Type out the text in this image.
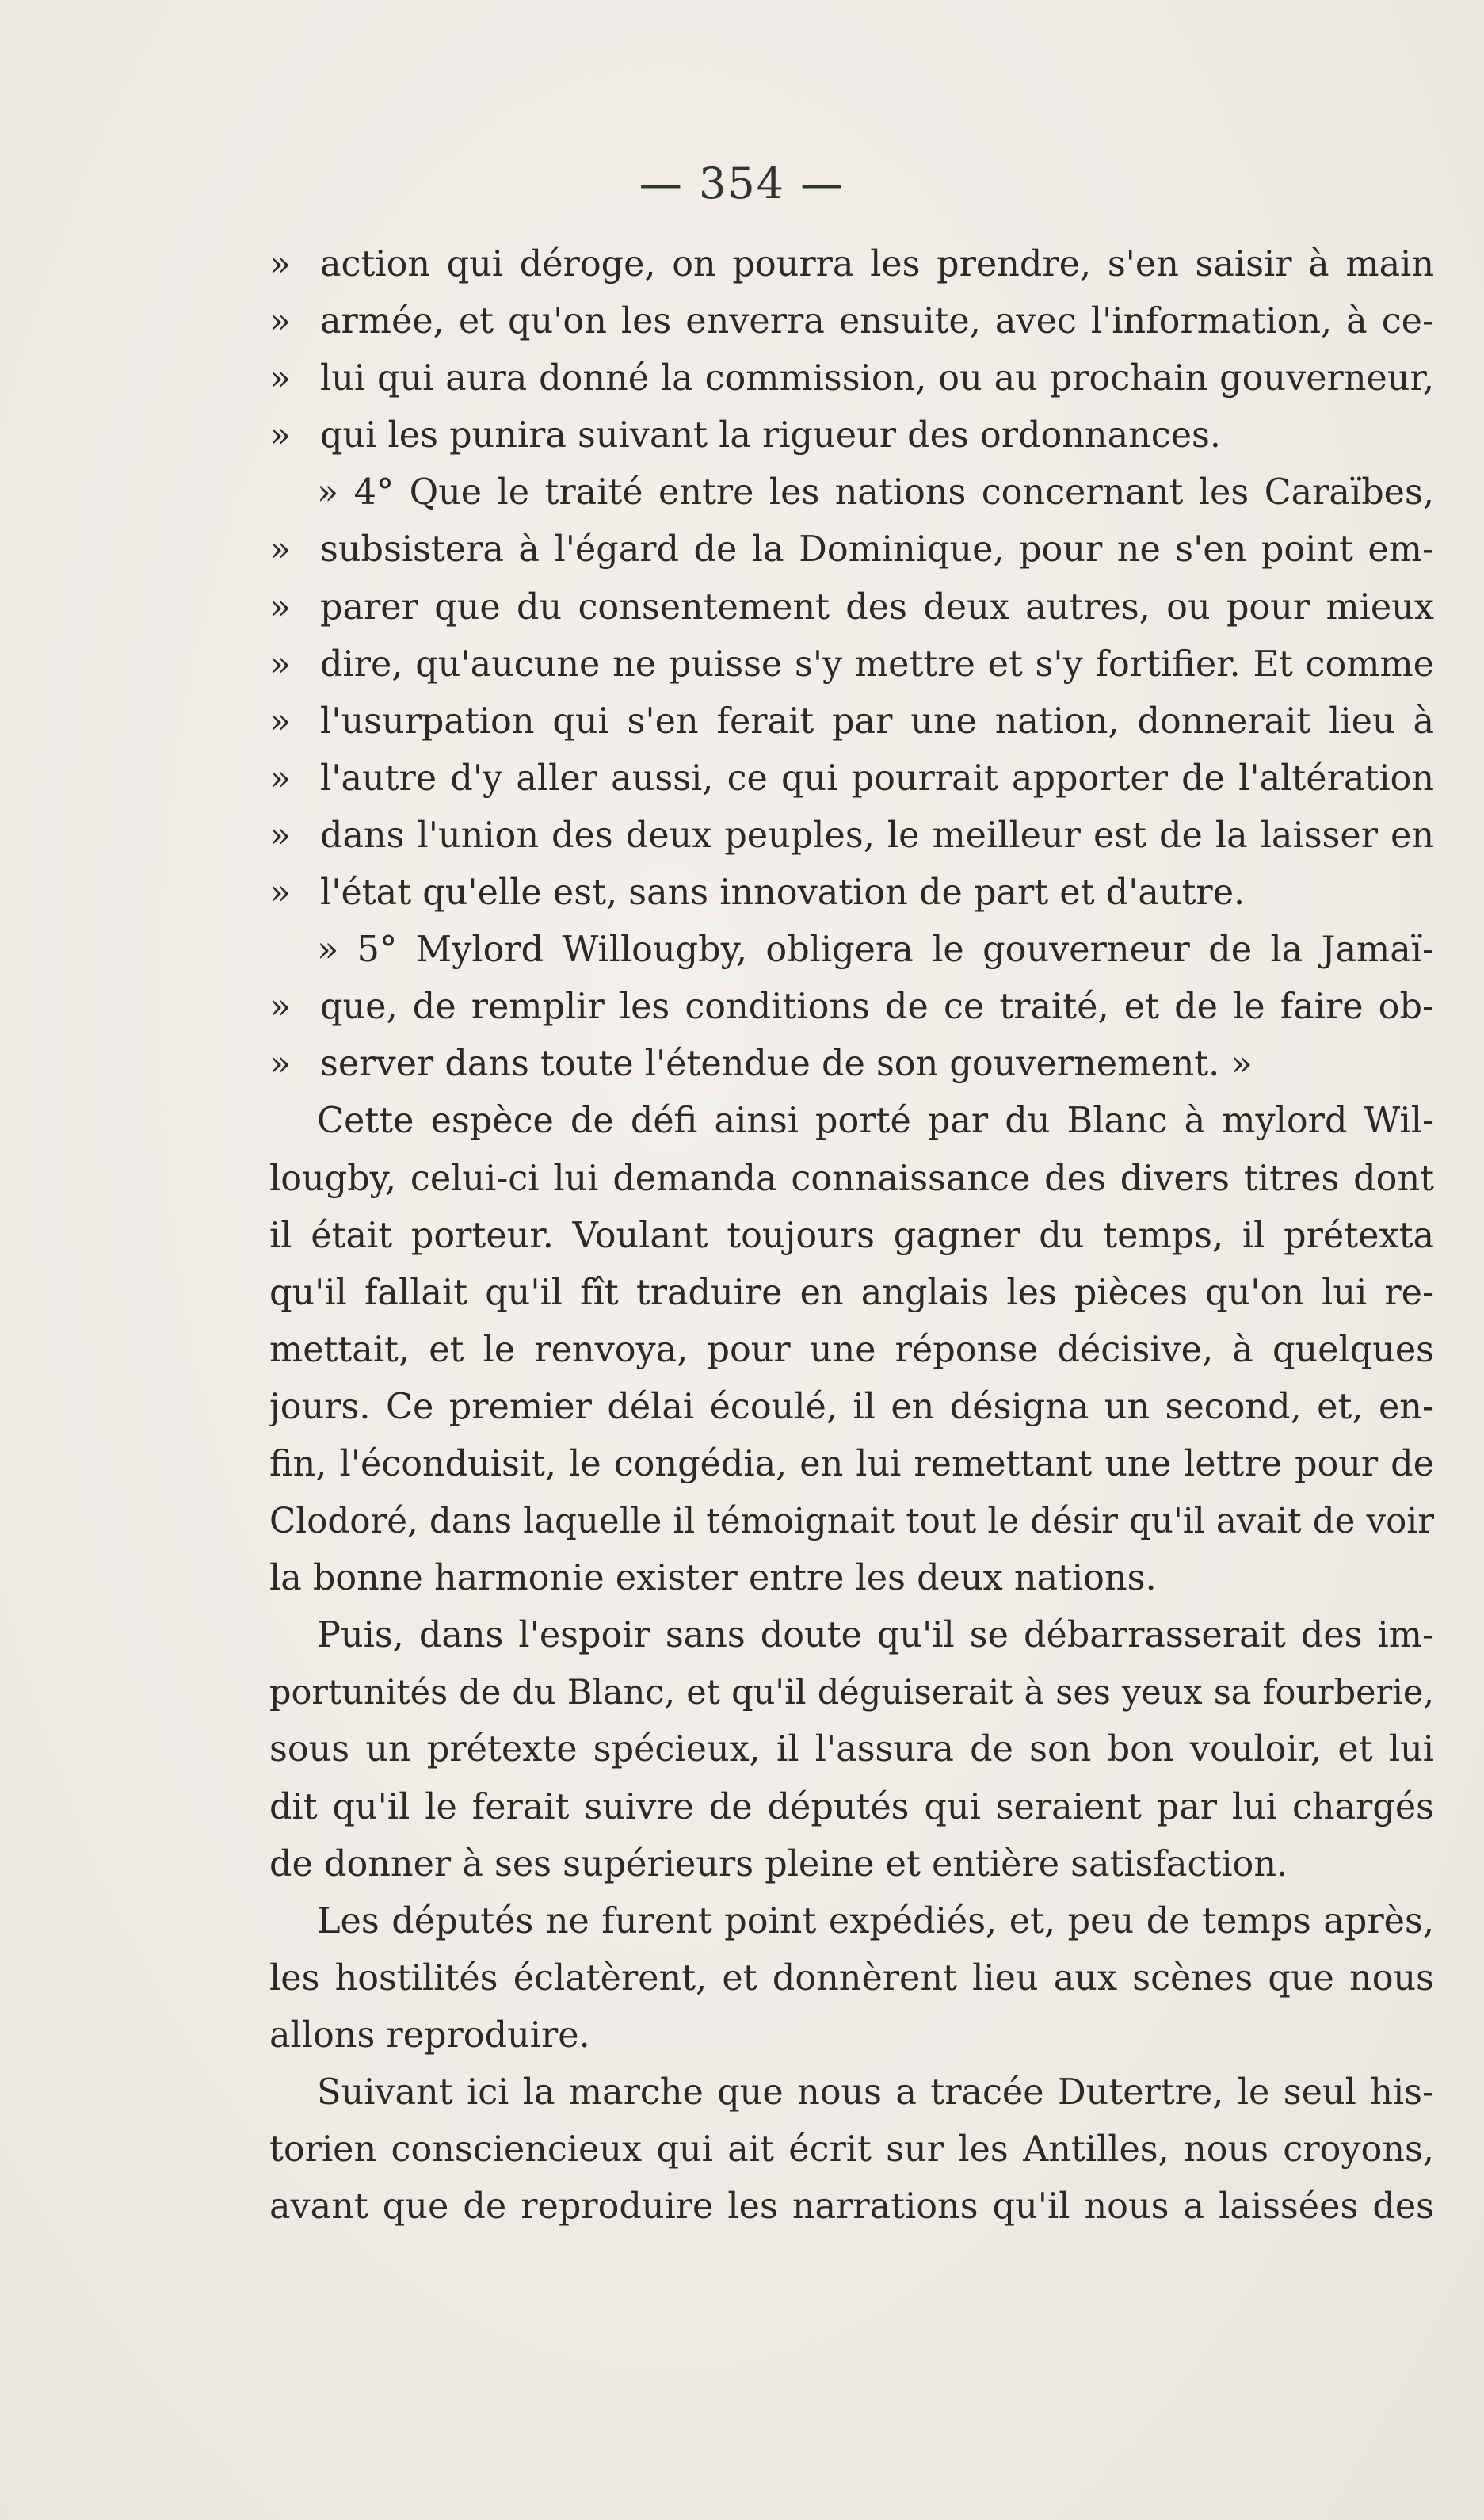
— 354 —
» action qui déroge, on pourra les prendre, s'en saisir à main
» armée, et qu'on les enverra ensuite, avec l'information, à ce-
» lui qui aura donné la commission, ou au prochain gouverneur,
» qui les punira suivant la rigueur des ordonnances.
» 4° Que le traité entre les nations concernant les Caraïbes,
» subsistera à l'égard de la Dominique, pour ne s'en point em-
» parer que du consentement des deux autres, ou pour mieux
» dire, qu'aucune ne puisse s'y mettre et s'y fortifier. Et comme
» l'usurpation qui s'en ferait par une nation, donnerait lieu à
» l'autre d'y aller aussi, ce qui pourrait apporter de l'altération
» dans l'union des deux peuples, le meilleur est de la laisser en
» l'état qu'elle est, sans innovation de part et d'autre.
» 5° Mylord Willougby, obligera le gouverneur de la Jamaï-
» que, de remplir les conditions de ce traité, et de le faire ob-
» server dans toute l'étendue de son gouvernement. »
Cette espèce de défi ainsi porté par du Blanc à mylord Wil-
lougby, celui-ci lui demanda connaissance des divers titres dont
il était porteur. Voulant toujours gagner du temps, il prétexta
qu'il fallait qu'il fît traduire en anglais les pièces qu'on lui re-
mettait, et le renvoya, pour une réponse décisive, à quelques
jours. Ce premier délai écoulé, il en désigna un second, et, en-
fin, l'éconduisit, le congédia, en lui remettant une lettre pour de
Clodoré, dans laquelle il témoignait tout le désir qu'il avait de voir
la bonne harmonie exister entre les deux nations.
Puis, dans l'espoir sans doute qu'il se débarrasserait des im-
portunités de du Blanc, et qu'il déguiserait à ses yeux sa fourberie,
sous un prétexte spécieux, il l'assura de son bon vouloir, et lui
dit qu'il le ferait suivre de députés qui seraient par lui chargés
de donner à ses supérieurs pleine et entière satisfaction.
Les députés ne furent point expédiés, et, peu de temps après,
les hostilités éclatèrent, et donnèrent lieu aux scènes que nous
allons reproduire.
Suivant ici la marche que nous a tracée Dutertre, le seul his-
torien consciencieux qui ait écrit sur les Antilles, nous croyons,
avant que de reproduire les narrations qu'il nous a laissées des
